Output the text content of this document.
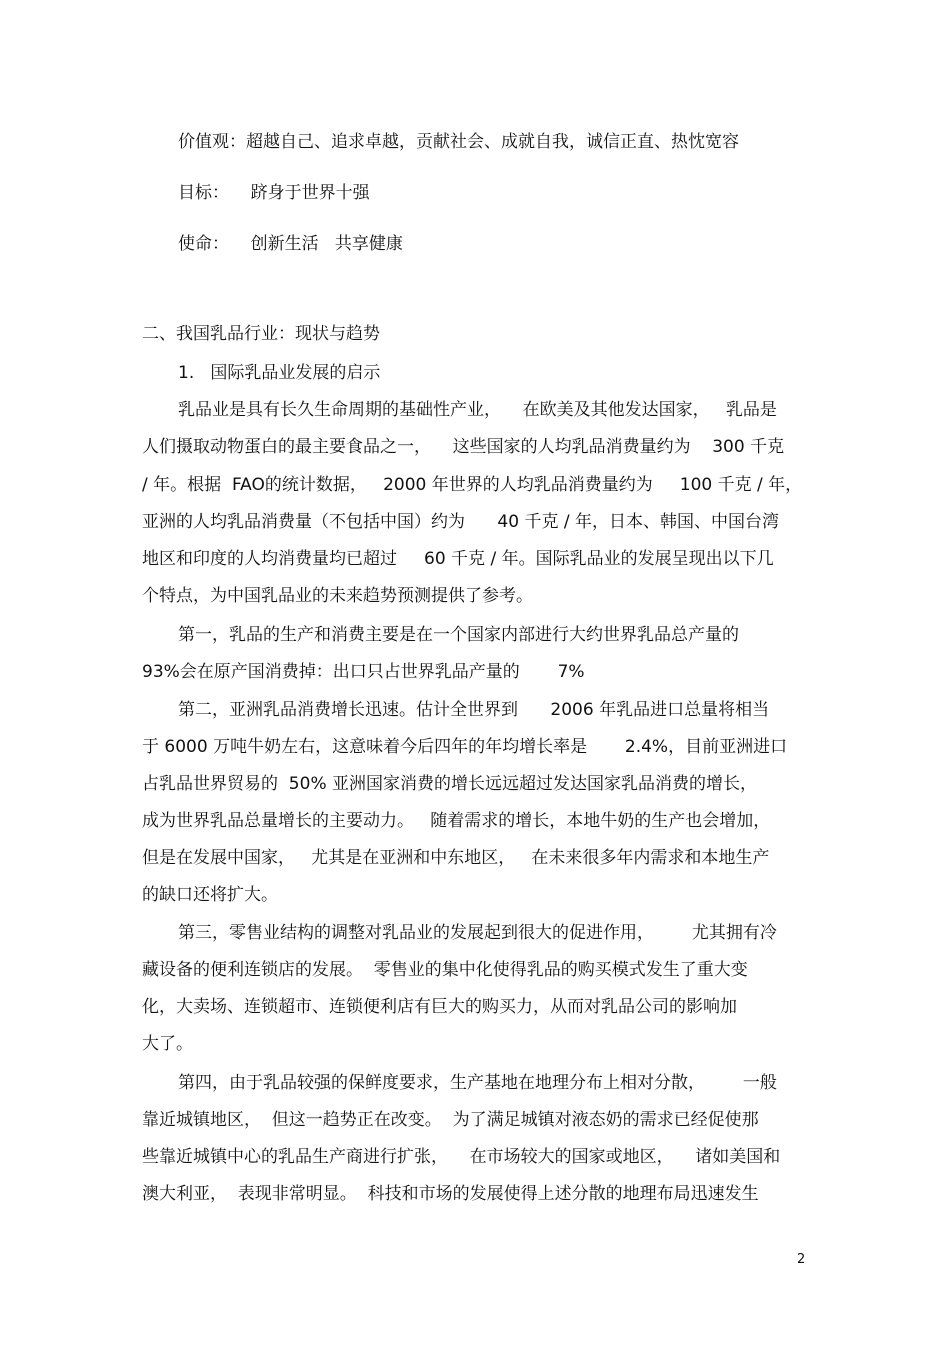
价值观：超越自己、追求卓越，贡献社会、成就自我，诚信正直、热忱宽容
目标：    跻身于世界十强
使命：    创新生活   共享健康
二、我国乳品行业：现状与趋势
1.   国际乳品业发展的启示
乳品业是具有长久生命周期的基础性产业，    在欧美及其他发达国家，   乳品是
人们摄取动物蛋白的最主要食品之一，    这些国家的人均乳品消费量约为    300 千克
/ 年。根据  FAO的统计数据，   2000 年世界的人均乳品消费量约为     100 千克 / 年，
亚洲的人均乳品消费量（不包括中国）约为      40 千克 / 年，日本、韩国、中国台湾
地区和印度的人均消费量均已超过     60 千克 / 年。国际乳品业的发展呈现出以下几
个特点，为中国乳品业的未来趋势预测提供了参考。
第一，乳品的生产和消费主要是在一个国家内部进行大约世界乳品总产量的
93%会在原产国消费掉：出口只占世界乳品产量的       7%
第二，亚洲乳品消费增长迅速。估计全世界到      2006 年乳品进口总量将相当
于 6000 万吨牛奶左右，这意味着今后四年的年均增长率是       2.4%，目前亚洲进口
占乳品世界贸易的  50% 亚洲国家消费的增长远远超过发达国家乳品消费的增长，
成为世界乳品总量增长的主要动力。   随着需求的增长，本地牛奶的生产也会增加，
但是在发展中国家，   尤其是在亚洲和中东地区，   在未来很多年内需求和本地生产
的缺口还将扩大。
第三，零售业结构的调整对乳品业的发展起到很大的促进作用，       尤其拥有冷
藏设备的便利连锁店的发展。  零售业的集中化使得乳品的购买模式发生了重大变
化，大卖场、连锁超市、连锁便利店有巨大的购买力，从而对乳品公司的影响加
大了。
第四，由于乳品较强的保鲜度要求，生产基地在地理分布上相对分散，       一般
靠近城镇地区，  但这一趋势正在改变。  为了满足城镇对液态奶的需求已经促使那
些靠近城镇中心的乳品生产商进行扩张，    在市场较大的国家或地区，    诸如美国和
澳大利亚，  表现非常明显。  科技和市场的发展使得上述分散的地理布局迅速发生
2
